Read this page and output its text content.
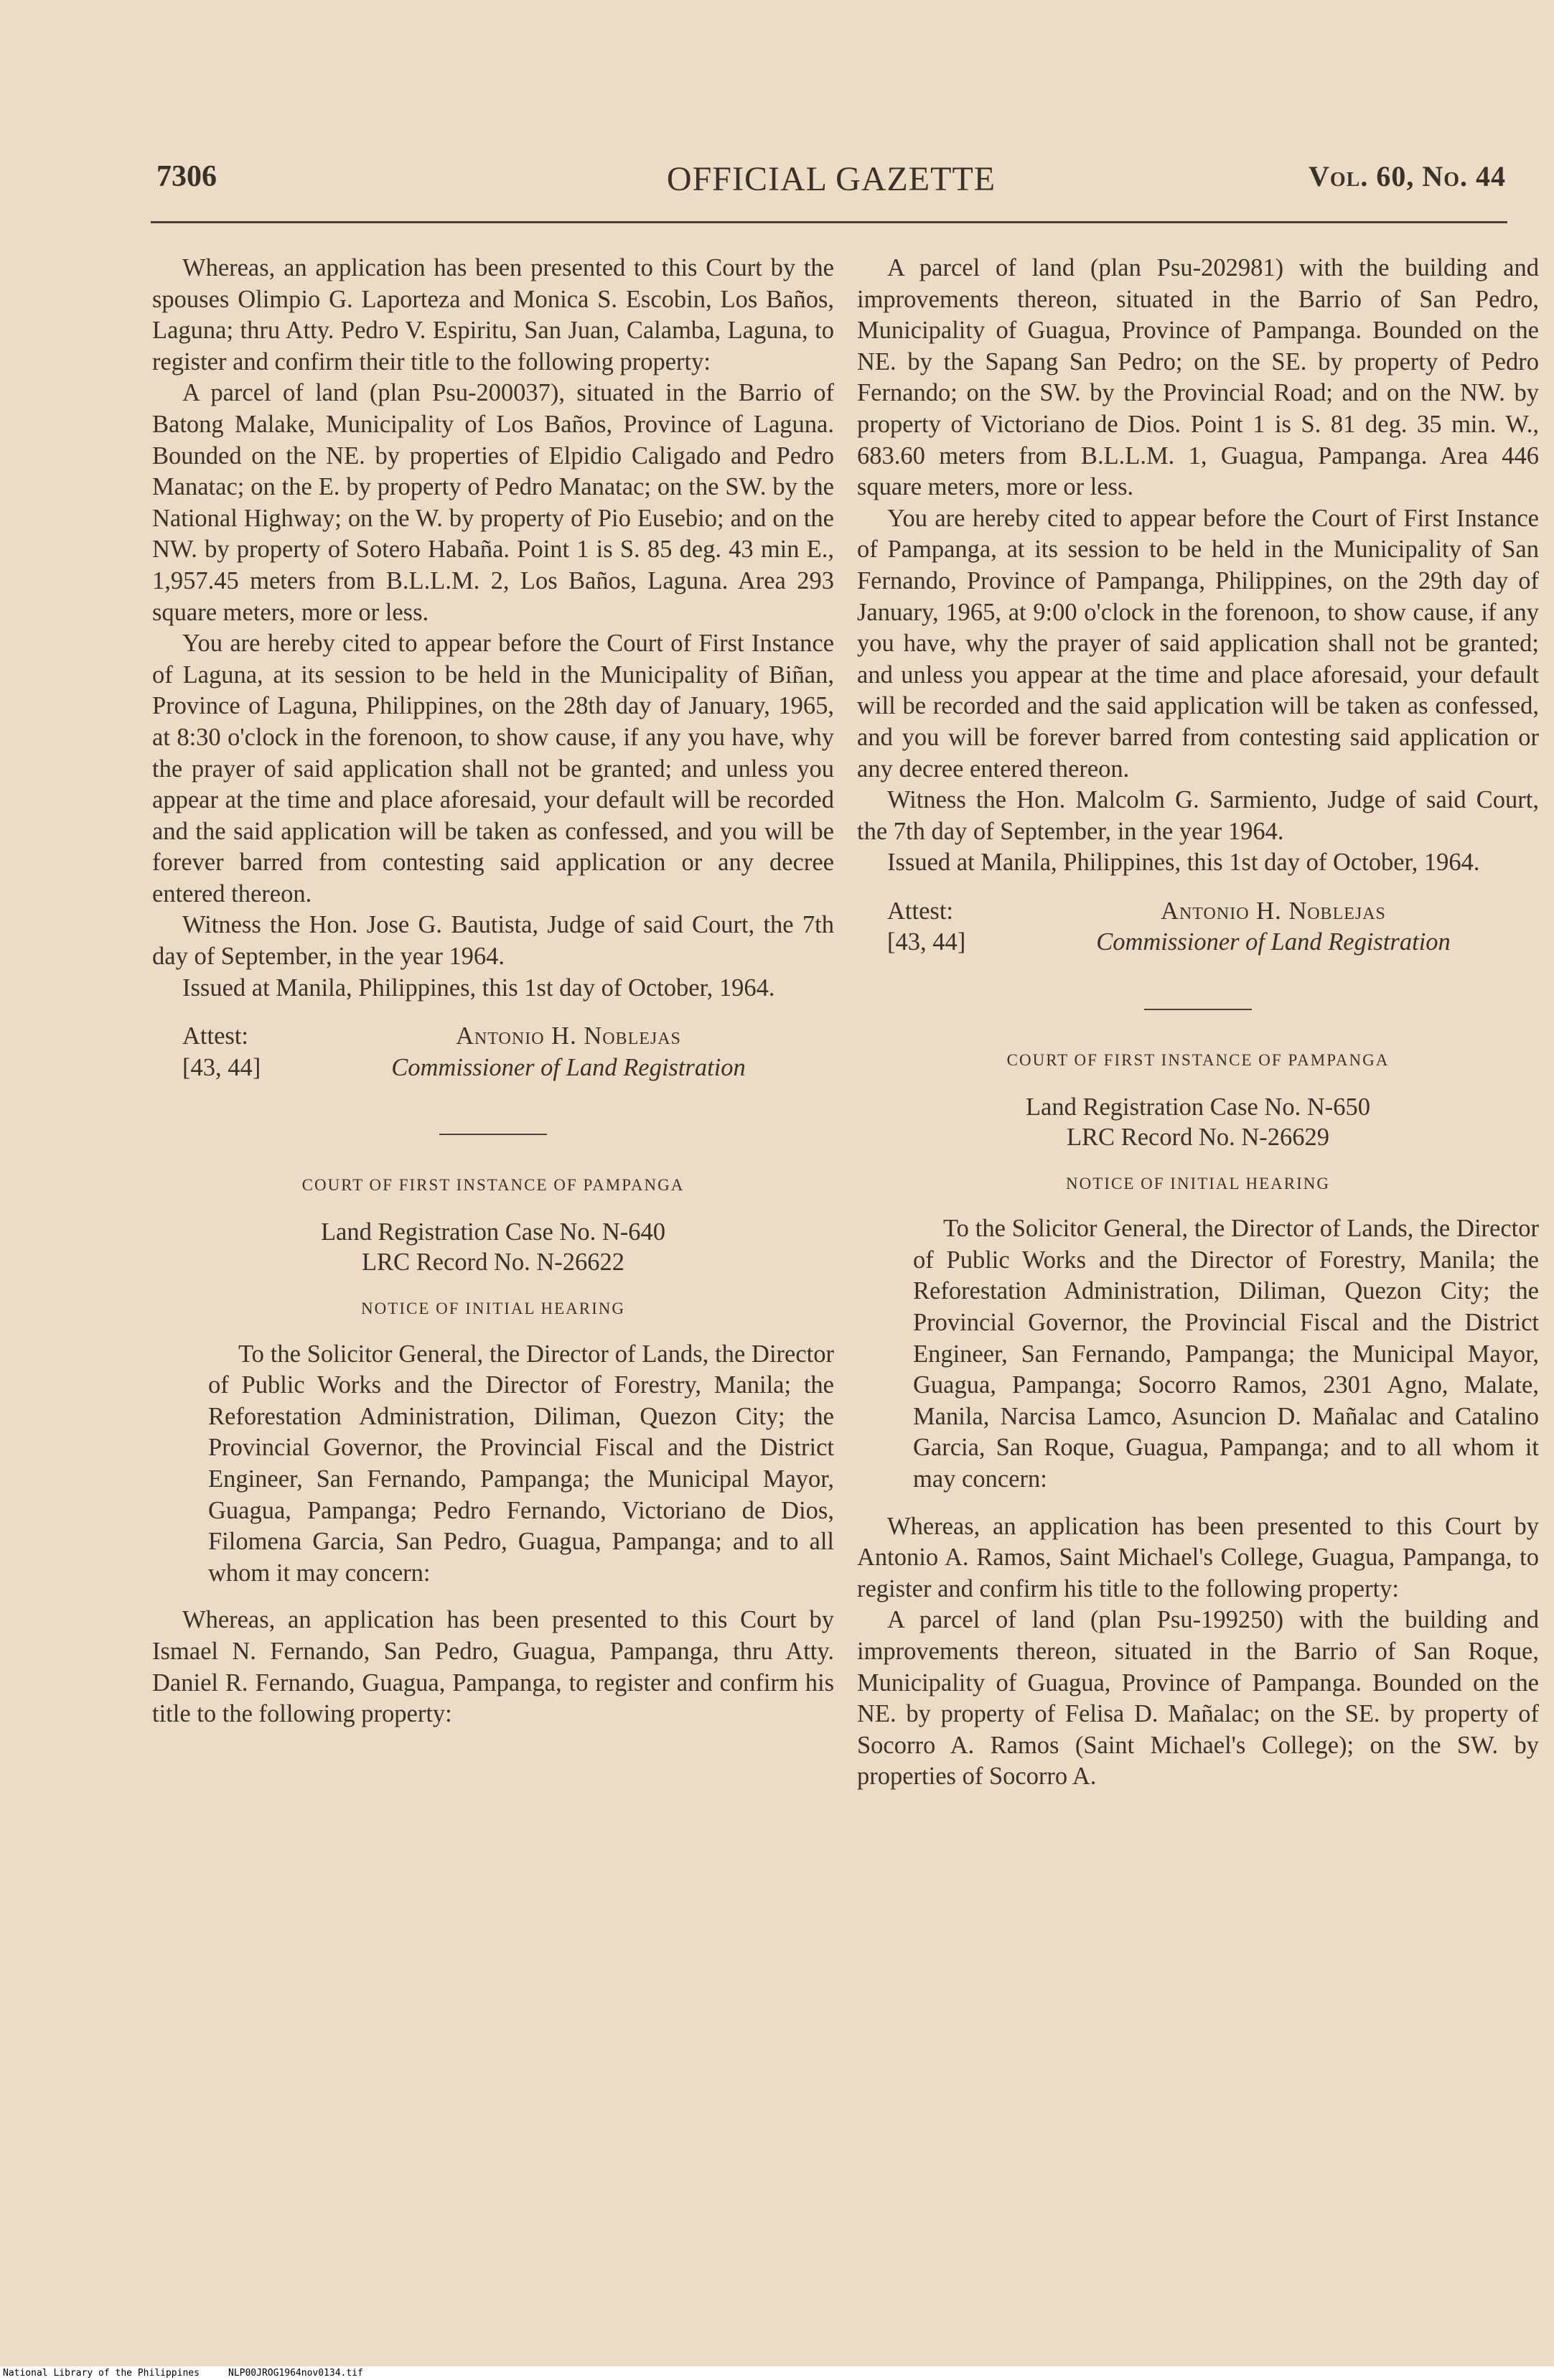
7306	OFFICIAL GAZETTE	Vol. 60, No. 44

Whereas, an application has been presented to this Court by the spouses Olimpio G. Laporteza and Monica S. Escobin, Los Baños, Laguna; thru Atty. Pedro V. Espiritu, San Juan, Calamba, Laguna, to register and confirm their title to the following property:

A parcel of land (plan Psu-200037), situated in the Barrio of Batong Malake, Municipality of Los Baños, Province of Laguna. Bounded on the NE. by properties of Elpidio Caligado and Pedro Manatac; on the E. by property of Pedro Manatac; on the SW. by the National Highway; on the W. by property of Pio Eusebio; and on the NW. by property of Sotero Habaña. Point 1 is S. 85 deg. 43 min E., 1,957.45 meters from B.L.L.M. 2, Los Baños, Laguna. Area 293 square meters, more or less.

You are hereby cited to appear before the Court of First Instance of Laguna, at its session to be held in the Municipality of Biñan, Province of Laguna, Philippines, on the 28th day of January, 1965, at 8:30 o'clock in the forenoon, to show cause, if any you have, why the prayer of said application shall not be granted; and unless you appear at the time and place aforesaid, your default will be recorded and the said application will be taken as confessed, and you will be forever barred from contesting said application or any decree entered thereon.

Witness the Hon. Jose G. Bautista, Judge of said Court, the 7th day of September, in the year 1964.

Issued at Manila, Philippines, this 1st day of October, 1964.

Attest:	Antonio H. Noblejas
[43, 44]	Commissioner of Land Registration
COURT OF FIRST INSTANCE OF PAMPANGA
Land Registration Case No. N-640
LRC Record No. N-26622
NOTICE OF INITIAL HEARING

To the Solicitor General, the Director of Lands, the Director of Public Works and the Director of Forestry, Manila; the Reforestation Administration, Diliman, Quezon City; the Provincial Governor, the Provincial Fiscal and the District Engineer, San Fernando, Pampanga; the Municipal Mayor, Guagua, Pampanga; Pedro Fernando, Victoriano de Dios, Filomena Garcia, San Pedro, Guagua, Pampanga; and to all whom it may concern:

Whereas, an application has been presented to this Court by Ismael N. Fernando, San Pedro, Guagua, Pampanga, thru Atty. Daniel R. Fernando, Guagua, Pampanga, to register and confirm his title to the following property:

A parcel of land (plan Psu-202981) with the building and improvements thereon, situated in the Barrio of San Pedro, Municipality of Guagua, Province of Pampanga. Bounded on the NE. by the Sapang San Pedro; on the SE. by property of Pedro Fernando; on the SW. by the Provincial Road; and on the NW. by property of Victoriano de Dios. Point 1 is S. 81 deg. 35 min. W., 683.60 meters from B.L.L.M. 1, Guagua, Pampanga. Area 446 square meters, more or less.

You are hereby cited to appear before the Court of First Instance of Pampanga, at its session to be held in the Municipality of San Fernando, Province of Pampanga, Philippines, on the 29th day of January, 1965, at 9:00 o'clock in the forenoon, to show cause, if any you have, why the prayer of said application shall not be granted; and unless you appear at the time and place aforesaid, your default will be recorded and the said application will be taken as confessed, and you will be forever barred from contesting said application or any decree entered thereon.

Witness the Hon. Malcolm G. Sarmiento, Judge of said Court, the 7th day of September, in the year 1964.

Issued at Manila, Philippines, this 1st day of October, 1964.

Attest:	Antonio H. Noblejas
[43, 44]	Commissioner of Land Registration
COURT OF FIRST INSTANCE OF PAMPANGA
Land Registration Case No. N-650
LRC Record No. N-26629
NOTICE OF INITIAL HEARING

To the Solicitor General, the Director of Lands, the Director of Public Works and the Director of Forestry, Manila; the Reforestation Administration, Diliman, Quezon City; the Provincial Governor, the Provincial Fiscal and the District Engineer, San Fernando, Pampanga; the Municipal Mayor, Guagua, Pampanga; Socorro Ramos, 2301 Agno, Malate, Manila, Narcisa Lamco, Asuncion D. Mañalac and Catalino Garcia, San Roque, Guagua, Pampanga; and to all whom it may concern:

Whereas, an application has been presented to this Court by Antonio A. Ramos, Saint Michael's College, Guagua, Pampanga, to register and confirm his title to the following property:

A parcel of land (plan Psu-199250) with the building and improvements thereon, situated in the Barrio of San Roque, Municipality of Guagua, Province of Pampanga. Bounded on the NE. by property of Felisa D. Mañalac; on the SE. by property of Socorro A. Ramos (Saint Michael's College); on the SW. by properties of Socorro A.

National Library of the Philippines	NLP00JROG1964nov0134.tif
